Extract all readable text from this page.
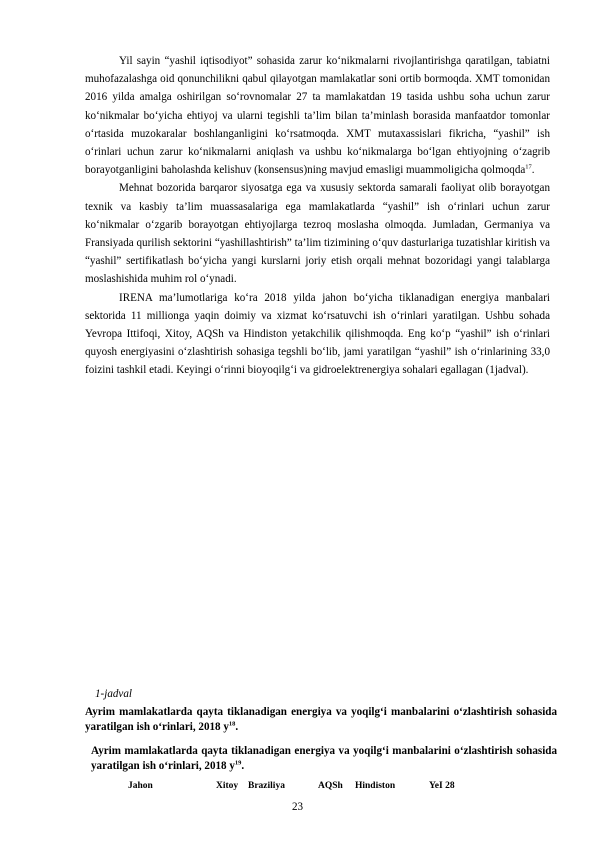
Yil sayin “yashil iqtisodiyot” sohasida zarur ko‘nikmalarni rivojlantirishga qaratilgan, tabiatni muhofazalashga oid qonunchilikni qabul qilayotgan mamlakatlar soni ortib bormoqda. XMT tomonidan 2016 yilda amalga oshirilgan so‘rovnomalar 27 ta mamlakatdan 19 tasida ushbu soha uchun zarur ko‘nikmalar bo‘yicha ehtiyoj va ularni tegishli ta’lim bilan ta’minlash borasida manfaatdor tomonlar o‘rtasida muzokaralar boshlanganligini ko‘rsatmoqda. XMT mutaxassislari fikricha, “yashil” ish o‘rinlari uchun zarur ko‘nikmalarni aniqlash va ushbu ko‘nikmalarga bo‘lgan ehtiyojning o‘zagrib borayotganligini baholashda kelishuv (konsensus)ning mavjud emasligi muammoligicha qolmoqda$^{17}$.

Mehnat bozorida barqaror siyosatga ega va xususiy sektorda samarali faoliyat olib borayotgan texnik va kasbiy ta’lim muassasalariga ega mamlakatlarda “yashil” ish o‘rinlari uchun zarur ko‘nikmalar o‘zgarib borayotgan ehtiyojlarga tezroq moslasha olmoqda. Jumladan, Germaniya va Fransiyada qurilish sektorini “yashillashtirish” ta’lim tizimining o‘quv dasturlariga tuzatishlar kiritish va “yashil” sertifikatlash bo‘yicha yangi kurslarni joriy etish orqali mehnat bozoridagi yangi talablarga moslashishida muhim rol o‘ynadi.

IRENA ma’lumotlariga ko‘ra 2018 yilda jahon bo‘yicha tiklanadigan energiya manbalari sektorida 11 millionga yaqin doimiy va xizmat ko‘rsatuvchi ish o‘rinlari yaratilgan. Ushbu sohada Yevropa Ittifoqi, Xitoy, AQSh va Hindiston yetakchilik qilishmoqda. Eng ko‘p “yashil” ish o‘rinlari quyosh energiyasini o‘zlashtirish sohasiga tegshli bo‘lib, jami yaratilgan “yashil” ish o‘rinlarining 33,0 foizini tashkil etadi. Keyingi o‘rinni bioyoqilg‘i va gidroelektrenergiya sohalari egallagan (1jadval).

1-jadval
Ayrim mamlakatlarda qayta tiklanadigan energiya va yoqilg‘i manbalarini o‘zlashtirish sohasida yaratilgan ish o‘rinlari, 2018 $y^{18}$.
Ayrim mamlakatlarda qayta tiklanadigan energiya va yoqilg‘i manbalarini o‘zlashtirish sohasida yaratilgan ish o‘rinlari, 2018 $y^{19}$.
Jahon	Xitoy Braziliya	AQSh Hindiston	YeI 28
23
